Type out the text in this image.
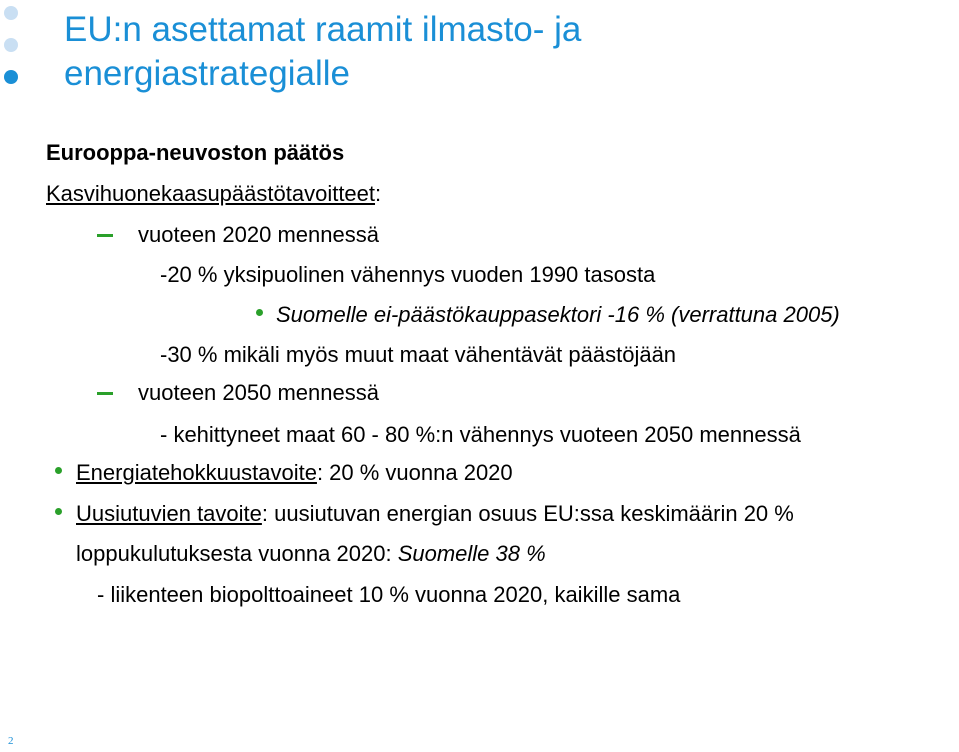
EU:n asettamat raamit ilmasto- ja
energiastrategialle
Eurooppa-neuvoston päätös
Kasvihuonekaasupäästötavoitteet:
vuoteen 2020 mennessä
-20 % yksipuolinen vähennys vuoden 1990 tasosta
Suomelle ei-päästökauppasektori -16 % (verrattuna 2005)
-30 % mikäli myös muut maat vähentävät päästöjään
vuoteen 2050 mennessä
- kehittyneet maat 60 - 80 %:n vähennys vuoteen 2050 mennessä
Energiatehokkuustavoite: 20 % vuonna 2020
Uusiutuvien tavoite: uusiutuvan energian osuus EU:ssa keskimäärin 20 %
loppukulutuksesta vuonna 2020: Suomelle 38 %
- liikenteen biopolttoaineet 10 % vuonna 2020, kaikille sama
2
